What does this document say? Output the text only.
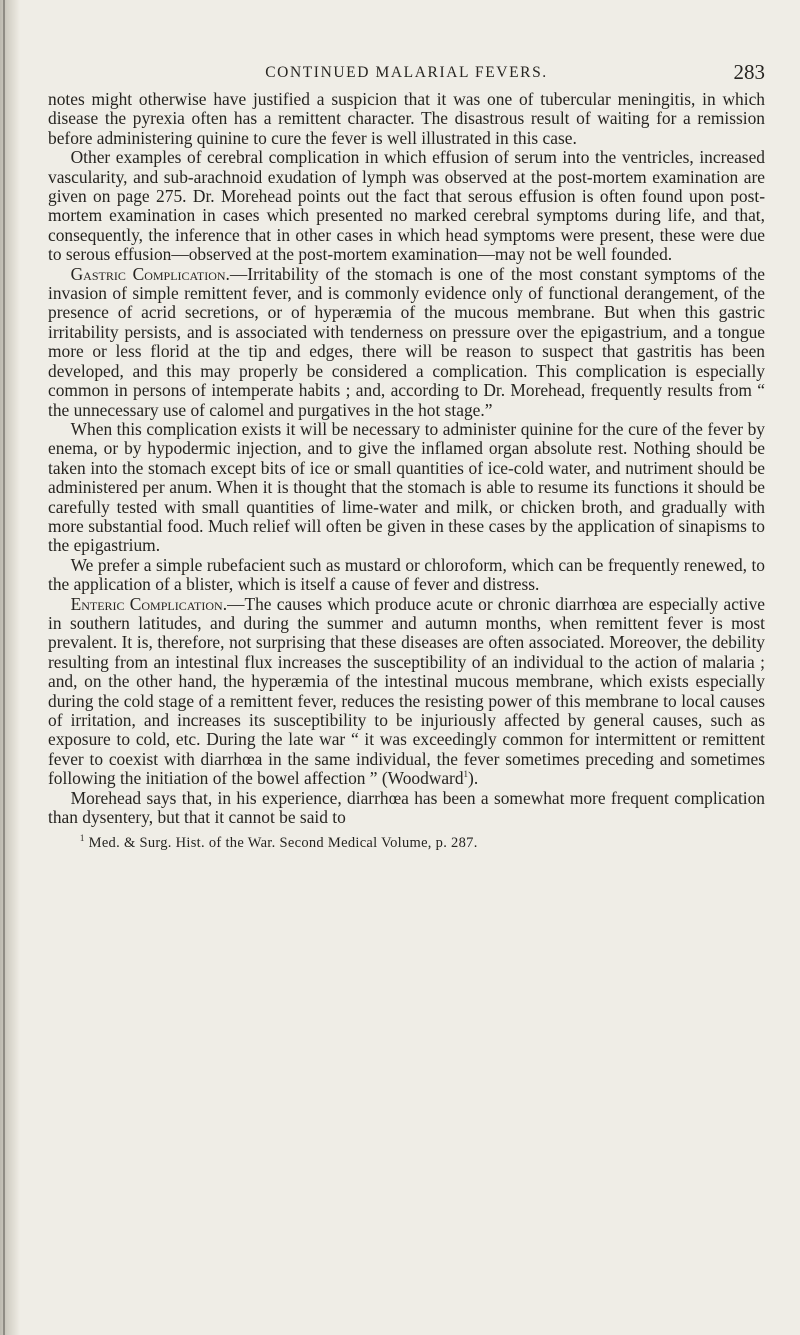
CONTINUED MALARIAL FEVERS.	283

notes might otherwise have justified a suspicion that it was one of tubercular meningitis, in which disease the pyrexia often has a remittent character. The disastrous result of waiting for a remission before administering quinine to cure the fever is well illustrated in this case.

Other examples of cerebral complication in which effusion of serum into the ventricles, increased vascularity, and sub-arachnoid exudation of lymph was observed at the post-mortem examination are given on page 275. Dr. Morehead points out the fact that serous effusion is often found upon post-mortem examination in cases which presented no marked cerebral symptoms during life, and that, consequently, the inference that in other cases in which head symptoms were present, these were due to serous effusion—observed at the post-mortem examination—may not be well founded.

Gastric Complication.—Irritability of the stomach is one of the most constant symptoms of the invasion of simple remittent fever, and is commonly evidence only of functional derangement, of the presence of acrid secretions, or of hyperæmia of the mucous membrane. But when this gastric irritability persists, and is associated with tenderness on pressure over the epigastrium, and a tongue more or less florid at the tip and edges, there will be reason to suspect that gastritis has been developed, and this may properly be considered a complication. This complication is especially common in persons of intemperate habits ; and, according to Dr. Morehead, frequently results from “ the unnecessary use of calomel and purgatives in the hot stage.”

When this complication exists it will be necessary to administer quinine for the cure of the fever by enema, or by hypodermic injection, and to give the inflamed organ absolute rest. Nothing should be taken into the stomach except bits of ice or small quantities of ice-cold water, and nutriment should be administered per anum. When it is thought that the stomach is able to resume its functions it should be carefully tested with small quantities of lime-water and milk, or chicken broth, and gradually with more substantial food. Much relief will often be given in these cases by the application of sinapisms to the epigastrium.

We prefer a simple rubefacient such as mustard or chloroform, which can be frequently renewed, to the application of a blister, which is itself a cause of fever and distress.

Enteric Complication.—The causes which produce acute or chronic diarrhœa are especially active in southern latitudes, and during the summer and autumn months, when remittent fever is most prevalent. It is, therefore, not surprising that these diseases are often associated. Moreover, the debility resulting from an intestinal flux increases the susceptibility of an individual to the action of malaria ; and, on the other hand, the hyperæmia of the intestinal mucous membrane, which exists especially during the cold stage of a remittent fever, reduces the resisting power of this membrane to local causes of irritation, and increases its susceptibility to be injuriously affected by general causes, such as exposure to cold, etc. During the late war “ it was exceedingly common for intermittent or remittent fever to coexist with diarrhœa in the same individual, the fever sometimes preceding and sometimes following the initiation of the bowel affection ” (Woodward$^1$).

Morehead says that, in his experience, diarrhœa has been a somewhat more frequent complication than dysentery, but that it cannot be said to

$^1$ Med. & Surg. Hist. of the War. Second Medical Volume, p. 287.
